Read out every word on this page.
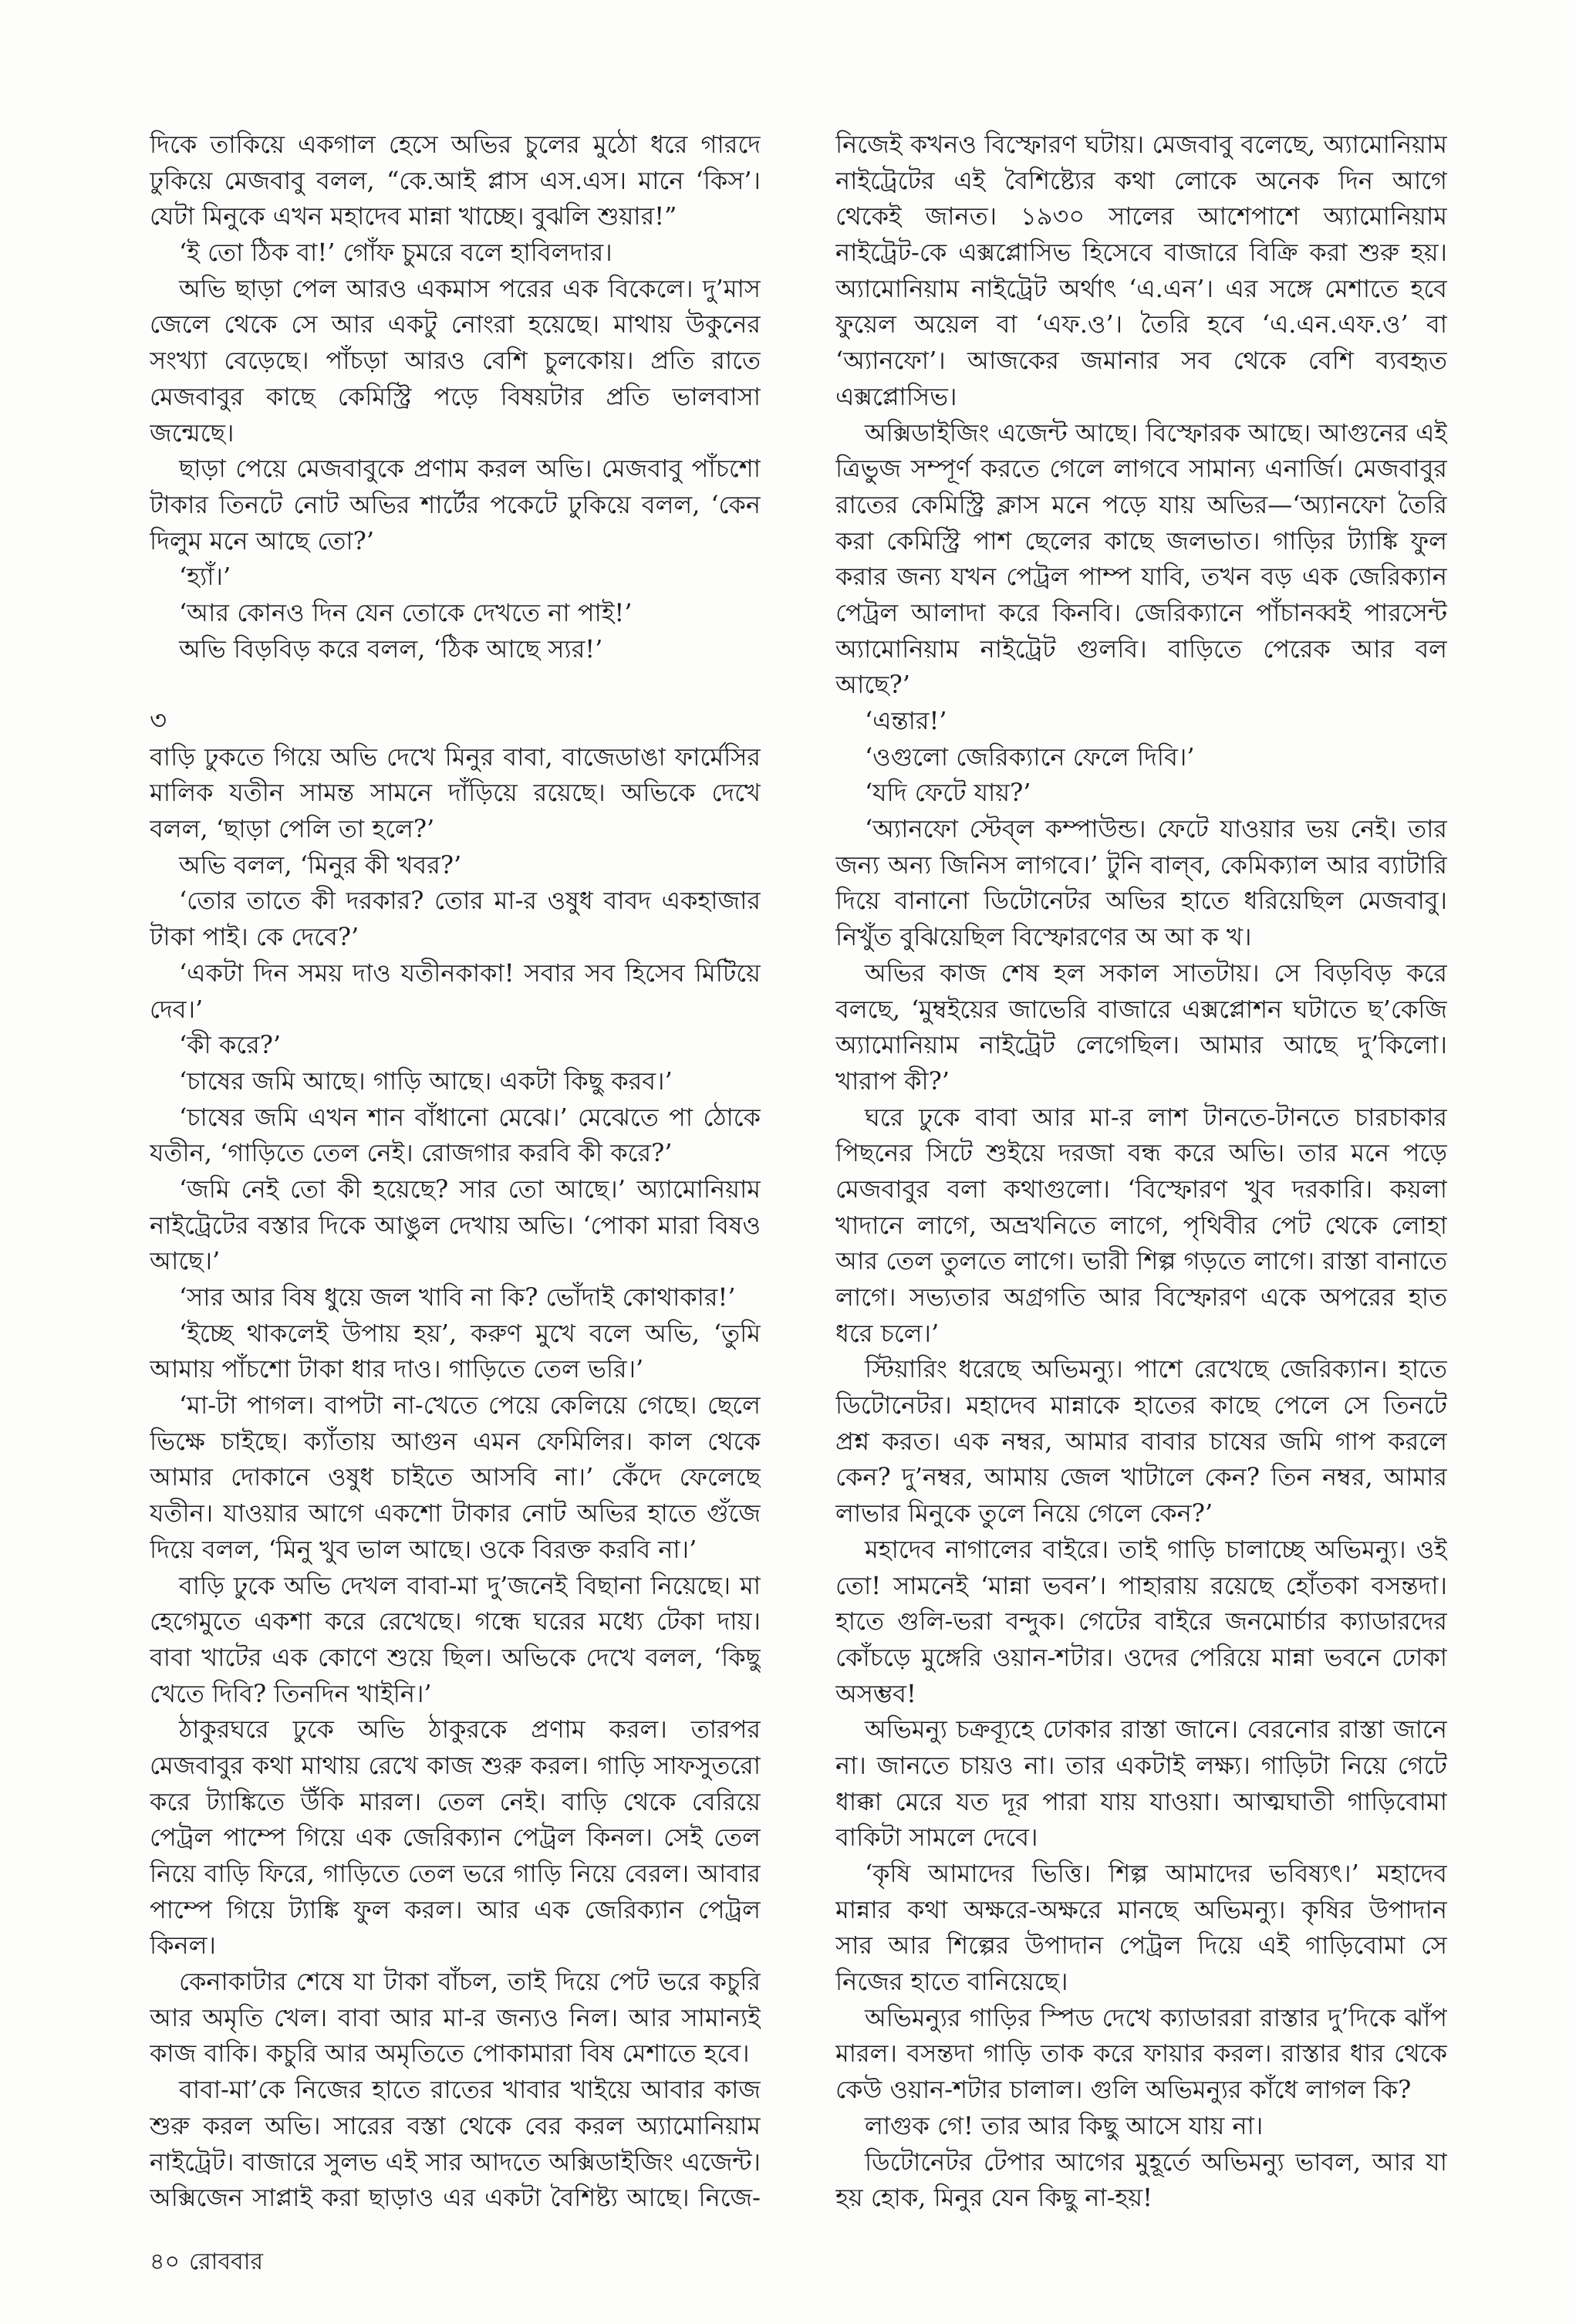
দিকে তাকিয়ে একগাল হেসে অভির চুলের মুঠো ধরে গারদে
ঢুকিয়ে মেজবাবু বলল, “কে.আই প্লাস এস.এস। মানে ‘কিস’।
যেটা মিনুকে এখন মহাদেব মান্না খাচ্ছে। বুঝলি শুয়ার!”
‘ই তো ঠিক বা!’ গোঁফ চুমরে বলে হাবিলদার।
অভি ছাড়া পেল আরও একমাস পরের এক বিকেলে। দু’মাস
জেলে থেকে সে আর একটু নোংরা হয়েছে। মাথায় উকুনের
সংখ্যা বেড়েছে। পাঁচড়া আরও বেশি চুলকোয়। প্রতি রাতে
মেজবাবুর কাছে কেমিস্ট্রি পড়ে বিষয়টার প্রতি ভালবাসা
জন্মেছে।
ছাড়া পেয়ে মেজবাবুকে প্রণাম করল অভি। মেজবাবু পাঁচশো
টাকার তিনটে নোট অভির শার্টের পকেটে ঢুকিয়ে বলল, ‘কেন
দিলুম মনে আছে তো?’
‘হ্যাঁ।’
‘আর কোনও দিন যেন তোকে দেখতে না পাই!’
অভি বিড়বিড় করে বলল, ‘ঠিক আছে স্যর!’
৩
বাড়ি ঢুকতে গিয়ে অভি দেখে মিনুর বাবা, বাজেডাঙা ফার্মেসির
মালিক যতীন সামন্ত সামনে দাঁড়িয়ে রয়েছে। অভিকে দেখে
বলল, ‘ছাড়া পেলি তা হলে?’
অভি বলল, ‘মিনুর কী খবর?’
‘তোর তাতে কী দরকার? তোর মা-র ওষুধ বাবদ একহাজার
টাকা পাই। কে দেবে?’
‘একটা দিন সময় দাও যতীনকাকা! সবার সব হিসেব মিটিয়ে
দেব।’
‘কী করে?’
‘চাষের জমি আছে। গাড়ি আছে। একটা কিছু করব।’
‘চাষের জমি এখন শান বাঁধানো মেঝে।’ মেঝেতে পা ঠোকে
যতীন, ‘গাড়িতে তেল নেই। রোজগার করবি কী করে?’
‘জমি নেই তো কী হয়েছে? সার তো আছে।’ অ্যামোনিয়াম
নাইট্রেটের বস্তার দিকে আঙুল দেখায় অভি। ‘পোকা মারা বিষও
আছে।’
‘সার আর বিষ ধুয়ে জল খাবি না কি? ভোঁদাই কোথাকার!’
‘ইচ্ছে থাকলেই উপায় হয়’, করুণ মুখে বলে অভি, ‘তুমি
আমায় পাঁচশো টাকা ধার দাও। গাড়িতে তেল ভরি।’
‘মা-টা পাগল। বাপটা না-খেতে পেয়ে কেলিয়ে গেছে। ছেলে
ভিক্ষে চাইছে। ক্যাঁতায় আগুন এমন ফেমিলির। কাল থেকে
আমার দোকানে ওষুধ চাইতে আসবি না।’ কেঁদে ফেলেছে
যতীন। যাওয়ার আগে একশো টাকার নোট অভির হাতে গুঁজে
দিয়ে বলল, ‘মিনু খুব ভাল আছে। ওকে বিরক্ত করবি না।’
বাড়ি ঢুকে অভি দেখল বাবা-মা দু’জনেই বিছানা নিয়েছে। মা
হেগেমুতে একশা করে রেখেছে। গন্ধে ঘরের মধ্যে টেকা দায়।
বাবা খাটের এক কোণে শুয়ে ছিল। অভিকে দেখে বলল, ‘কিছু
খেতে দিবি? তিনদিন খাইনি।’
ঠাকুরঘরে ঢুকে অভি ঠাকুরকে প্রণাম করল। তারপর
মেজবাবুর কথা মাথায় রেখে কাজ শুরু করল। গাড়ি সাফসুতরো
করে ট্যাঙ্কিতে উঁকি মারল। তেল নেই। বাড়ি থেকে বেরিয়ে
পেট্রল পাম্পে গিয়ে এক জেরিক্যান পেট্রল কিনল। সেই তেল
নিয়ে বাড়ি ফিরে, গাড়িতে তেল ভরে গাড়ি নিয়ে বেরল। আবার
পাম্পে গিয়ে ট্যাঙ্কি ফুল করল। আর এক জেরিক্যান পেট্রল
কিনল।
কেনাকাটার শেষে যা টাকা বাঁচল, তাই দিয়ে পেট ভরে কচুরি
আর অমৃতি খেল। বাবা আর মা-র জন্যও নিল। আর সামান্যই
কাজ বাকি। কচুরি আর অমৃতিতে পোকামারা বিষ মেশাতে হবে।
বাবা-মা’কে নিজের হাতে রাতের খাবার খাইয়ে আবার কাজ
শুরু করল অভি। সারের বস্তা থেকে বের করল অ্যামোনিয়াম
নাইট্রেট। বাজারে সুলভ এই সার আদতে অক্সিডাইজিং এজেন্ট।
অক্সিজেন সাপ্লাই করা ছাড়াও এর একটা বৈশিষ্ট্য আছে। নিজে-
নিজেই কখনও বিস্ফোরণ ঘটায়। মেজবাবু বলেছে, অ্যামোনিয়াম
নাইট্রেটের এই বৈশিষ্ট্যের কথা লোকে অনেক দিন আগে
থেকেই জানত। ১৯৩০ সালের আশেপাশে অ্যামোনিয়াম
নাইট্রেট-কে এক্সপ্লোসিভ হিসেবে বাজারে বিক্রি করা শুরু হয়।
অ্যামোনিয়াম নাইট্রেট অর্থাৎ ‘এ.এন’। এর সঙ্গে মেশাতে হবে
ফুয়েল অয়েল বা ‘এফ.ও’। তৈরি হবে ‘এ.এন.এফ.ও’ বা
‘অ্যানফো’। আজকের জমানার সব থেকে বেশি ব্যবহৃত
এক্সপ্লোসিভ।
অক্সিডাইজিং এজেন্ট আছে। বিস্ফোরক আছে। আগুনের এই
ত্রিভুজ সম্পূর্ণ করতে গেলে লাগবে সামান্য এনার্জি। মেজবাবুর
রাতের কেমিস্ট্রি ক্লাস মনে পড়ে যায় অভির—‘অ্যানফো তৈরি
করা কেমিস্ট্রি পাশ ছেলের কাছে জলভাত। গাড়ির ট্যাঙ্কি ফুল
করার জন্য যখন পেট্রল পাম্প যাবি, তখন বড় এক জেরিক্যান
পেট্রল আলাদা করে কিনবি। জেরিক্যানে পাঁচানব্বই পারসেন্ট
অ্যামোনিয়াম নাইট্রেট গুলবি। বাড়িতে পেরেক আর বল
আছে?’
‘এন্তার!’
‘ওগুলো জেরিক্যানে ফেলে দিবি।’
‘যদি ফেটে যায়?’
‘অ্যানফো স্টেব্‌ল কম্পাউন্ড। ফেটে যাওয়ার ভয় নেই। তার
জন্য অন্য জিনিস লাগবে।’ টুনি বাল্‌ব, কেমিক্যাল আর ব্যাটারি
দিয়ে বানানো ডিটোনেটর অভির হাতে ধরিয়েছিল মেজবাবু।
নিখুঁত বুঝিয়েছিল বিস্ফোরণের অ আ ক খ।
অভির কাজ শেষ হল সকাল সাতটায়। সে বিড়বিড় করে
বলছে, ‘মুম্বইয়ের জাভেরি বাজারে এক্সপ্লোশন ঘটাতে ছ’কেজি
অ্যামোনিয়াম নাইট্রেট লেগেছিল। আমার আছে দু’কিলো।
খারাপ কী?’
ঘরে ঢুকে বাবা আর মা-র লাশ টানতে-টানতে চারচাকার
পিছনের সিটে শুইয়ে দরজা বন্ধ করে অভি। তার মনে পড়ে
মেজবাবুর বলা কথাগুলো। ‘বিস্ফোরণ খুব দরকারি। কয়লা
খাদানে লাগে, অভ্রখনিতে লাগে, পৃথিবীর পেট থেকে লোহা
আর তেল তুলতে লাগে। ভারী শিল্প গড়তে লাগে। রাস্তা বানাতে
লাগে। সভ্যতার অগ্রগতি আর বিস্ফোরণ একে অপরের হাত
ধরে চলে।’
স্টিয়ারিং ধরেছে অভিমন্যু। পাশে রেখেছে জেরিক্যান। হাতে
ডিটোনেটর। মহাদেব মান্নাকে হাতের কাছে পেলে সে তিনটে
প্রশ্ন করত। এক নম্বর, আমার বাবার চাষের জমি গাপ করলে
কেন? দু’নম্বর, আমায় জেল খাটালে কেন? তিন নম্বর, আমার
লাভার মিনুকে তুলে নিয়ে গেলে কেন?’
মহাদেব নাগালের বাইরে। তাই গাড়ি চালাচ্ছে অভিমন্যু। ওই
তো! সামনেই ‘মান্না ভবন’। পাহারায় রয়েছে হোঁতকা বসন্তদা।
হাতে গুলি-ভরা বন্দুক। গেটের বাইরে জনমোর্চার ক্যাডারদের
কোঁচড়ে মুঙ্গেরি ওয়ান-শটার। ওদের পেরিয়ে মান্না ভবনে ঢোকা
অসম্ভব!
অভিমন্যু চক্রব্যূহে ঢোকার রাস্তা জানে। বেরনোর রাস্তা জানে
না। জানতে চায়ও না। তার একটাই লক্ষ্য। গাড়িটা নিয়ে গেটে
ধাক্কা মেরে যত দূর পারা যায় যাওয়া। আত্মঘাতী গাড়িবোমা
বাকিটা সামলে দেবে।
‘কৃষি আমাদের ভিত্তি। শিল্প আমাদের ভবিষ্যৎ।’ মহাদেব
মান্নার কথা অক্ষরে-অক্ষরে মানছে অভিমন্যু। কৃষির উপাদান
সার আর শিল্পের উপাদান পেট্রল দিয়ে এই গাড়িবোমা সে
নিজের হাতে বানিয়েছে।
অভিমন্যুর গাড়ির স্পিড দেখে ক্যাডাররা রাস্তার দু’দিকে ঝাঁপ
মারল। বসন্তদা গাড়ি তাক করে ফায়ার করল। রাস্তার ধার থেকে
কেউ ওয়ান-শটার চালাল। গুলি অভিমন্যুর কাঁধে লাগল কি?
লাগুক গে! তার আর কিছু আসে যায় না।
ডিটোনেটর টেপার আগের মুহূর্তে অভিমন্যু ভাবল, আর যা
হয় হোক, মিনুর যেন কিছু না-হয়!
৪০ রোববার
